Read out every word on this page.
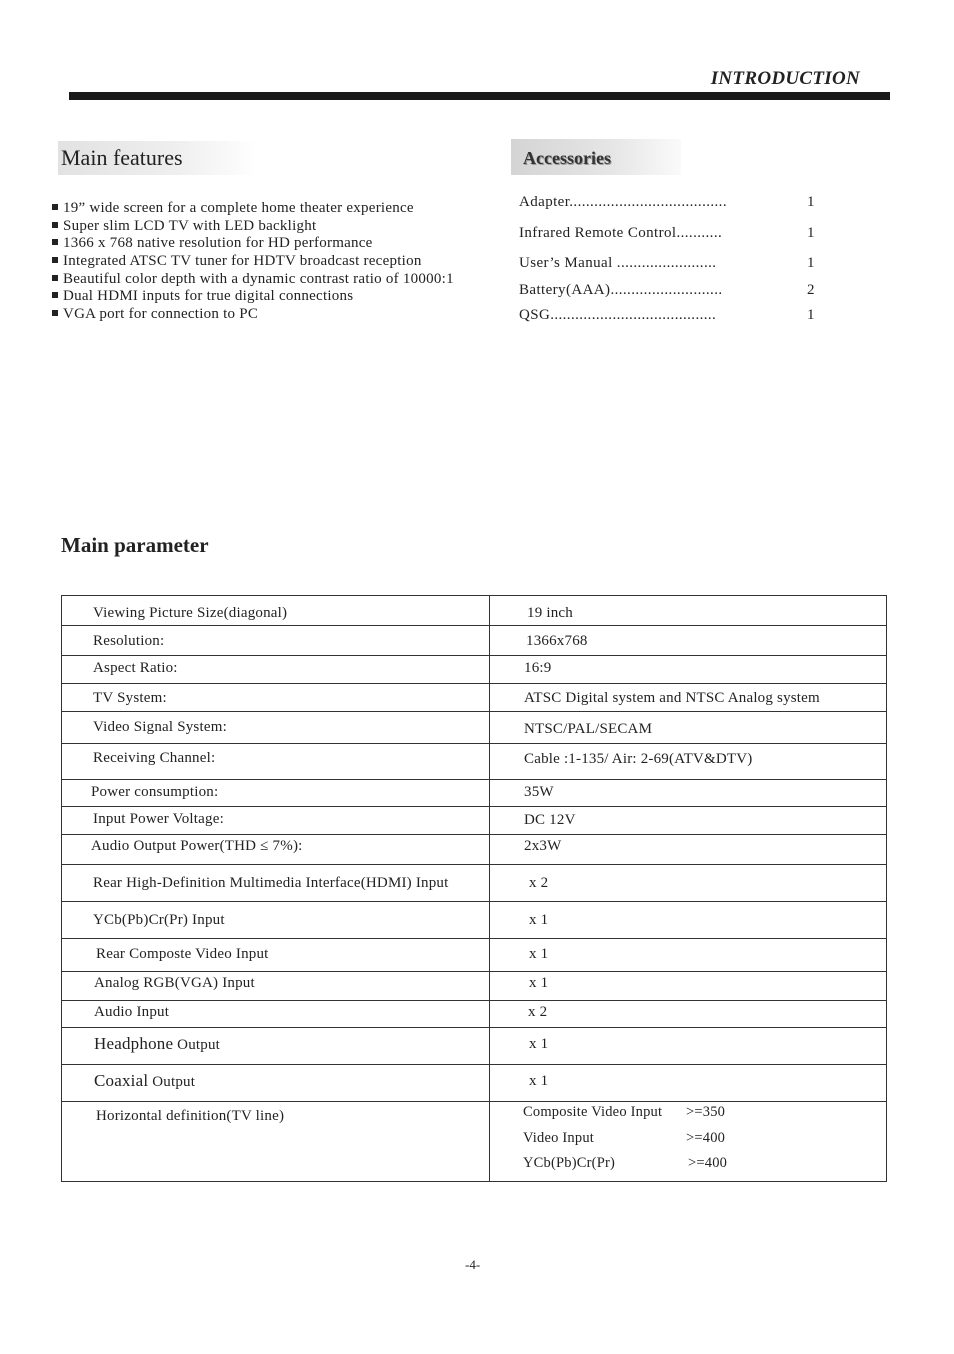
INTRODUCTION
Main features
19” wide screen for a complete home theater experience
Super slim LCD TV with LED backlight
1366 x 768 native resolution for HD performance
Integrated ATSC TV tuner for HDTV broadcast reception
Beautiful color depth with a dynamic contrast ratio of 10000:1
Dual HDMI inputs for true digital connections
VGA port for connection to PC
Accessories
Adapter......................................	1
Infrared Remote Control...........	1
User’s Manual ........................	1
Battery(AAA)...........................	2
QSG........................................	1
Main parameter
Viewing Picture Size(diagonal)	19 inch
Resolution:	1366x768
Aspect Ratio:	16:9
TV System:	ATSC Digital system and NTSC Analog system
Video Signal System:	NTSC/PAL/SECAM
Receiving Channel:	Cable :1-135/ Air: 2-69(ATV&DTV)
Power consumption:	35W
Input Power Voltage:	DC 12V
Audio Output Power(THD ≤ 7%):	2x3W
Rear High-Definition Multimedia Interface(HDMI) Input	x 2
YCb(Pb)Cr(Pr) Input	x 1
Rear Composte Video Input	x 1
Analog RGB(VGA) Input	x 1
Audio Input	x 2
Headphone Output	x 1
Coaxial Output	x 1
Horizontal definition(TV line)	Composite Video Input >=350
Video Input	>=400
YCb(Pb)Cr(Pr)	>=400
-4-
